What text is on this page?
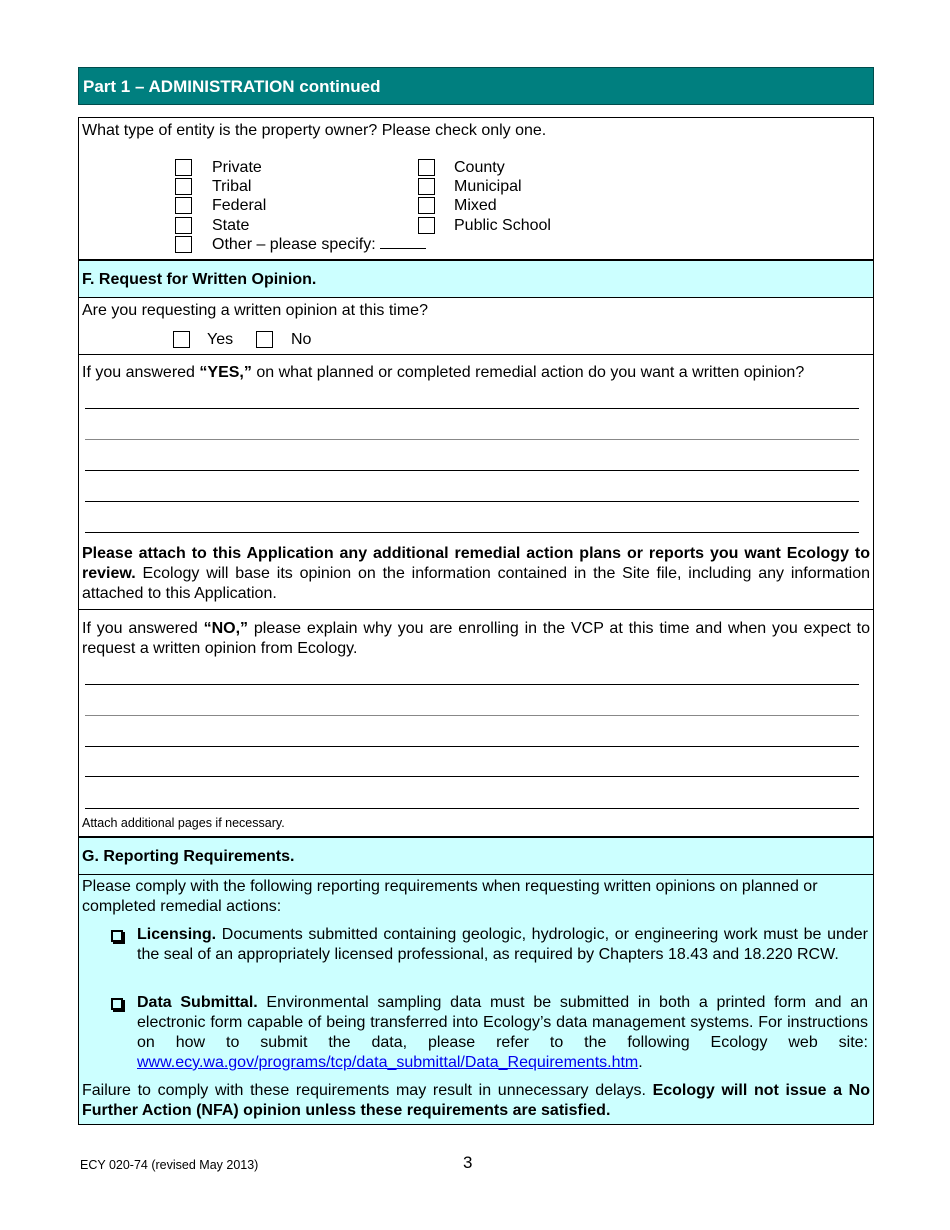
Part 1 – ADMINISTRATION continued
What type of entity is the property owner? Please check only one.
Private
Tribal
Federal
State
Other – please specify:
County
Municipal
Mixed
Public School
F. Request for Written Opinion.
Are you requesting a written opinion at this time?
Yes	No
If you answered “YES,” on what planned or completed remedial action do you want a written opinion?
Please attach to this Application any additional remedial action plans or reports you want Ecology to review. Ecology will base its opinion on the information contained in the Site file, including any information attached to this Application.
If you answered “NO,” please explain why you are enrolling in the VCP at this time and when you expect to request a written opinion from Ecology.
Attach additional pages if necessary.
G. Reporting Requirements.
Please comply with the following reporting requirements when requesting written opinions on planned or completed remedial actions:
Licensing. Documents submitted containing geologic, hydrologic, or engineering work must be under the seal of an appropriately licensed professional, as required by Chapters 18.43 and 18.220 RCW.
Data Submittal. Environmental sampling data must be submitted in both a printed form and an electronic form capable of being transferred into Ecology’s data management systems. For instructions on how to submit the data, please refer to the following Ecology web site: www.ecy.wa.gov/programs/tcp/data_submittal/Data_Requirements.htm.
Failure to comply with these requirements may result in unnecessary delays. Ecology will not issue a No Further Action (NFA) opinion unless these requirements are satisfied.
ECY 020-74 (revised May 2013)	3
